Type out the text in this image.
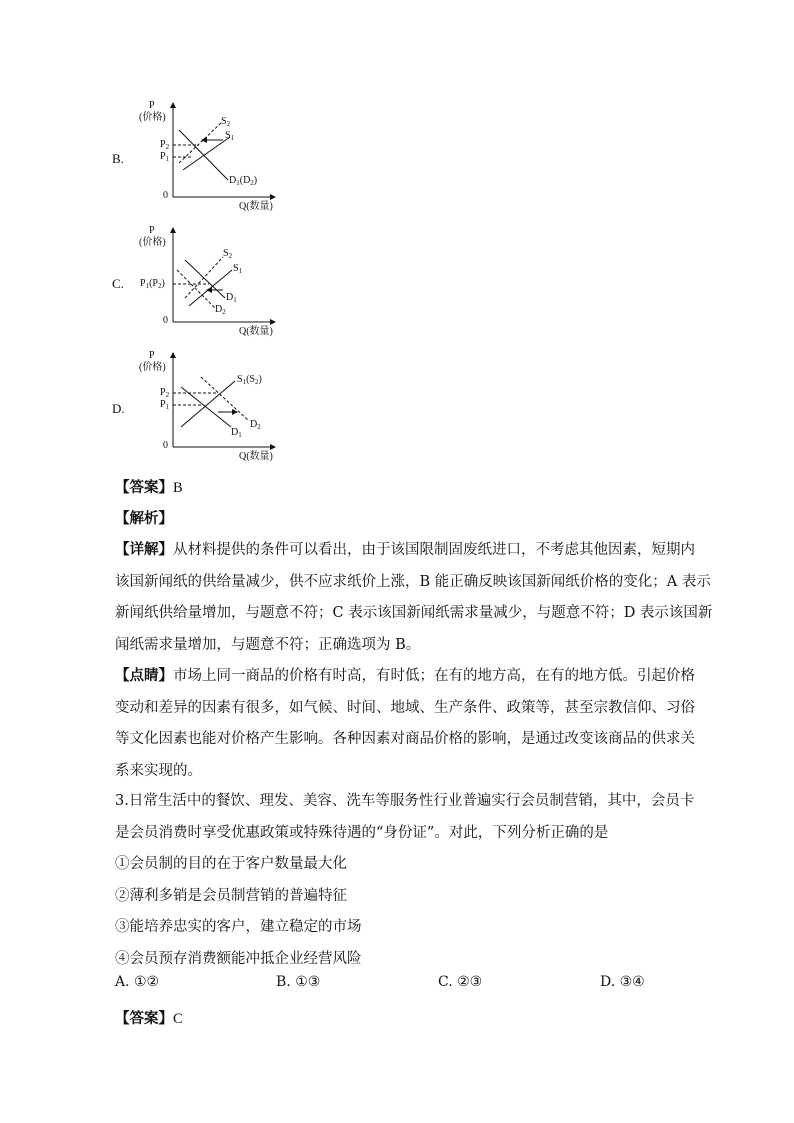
B.
P
(价格)
0
Q(数量)
$P_2$
$P_1$
$S_2$
$S_1$
$D_1(D_2)$
C.
P
(价格)
0
Q(数量)
$P_1(P_2)$
$S_2$
$S_1$
$D_1$
$D_2$
D.
P
(价格)
0
Q(数量)
$P_2$
$P_1$
$S_1(S_2)$
$D_2$
$D_1$
【答案】B
【解析】
【详解】从材料提供的条件可以看出，由于该国限制固废纸进口，不考虑其他因素，短期内
该国新闻纸的供给量减少，供不应求纸价上涨，B 能正确反映该国新闻纸价格的变化；A 表示
新闻纸供给量增加，与题意不符；C 表示该国新闻纸需求量减少，与题意不符；D 表示该国新
闻纸需求量增加，与题意不符；正确选项为 B。
【点睛】市场上同一商品的价格有时高，有时低；在有的地方高，在有的地方低。引起价格
变动和差异的因素有很多，如气候、时间、地域、生产条件、政策等，甚至宗教信仰、习俗
等文化因素也能对价格产生影响。各种因素对商品价格的影响，是通过改变该商品的供求关
系来实现的。
3.日常生活中的餐饮、理发、美容、洗车等服务性行业普遍实行会员制营销，其中，会员卡
是会员消费时享受优惠政策或特殊待遇的“身份证”。对此，下列分析正确的是
①会员制的目的在于客户数量最大化
②薄利多销是会员制营销的普遍特征
③能培养忠实的客户，建立稳定的市场
④会员预存消费额能冲抵企业经营风险
A. ①②	B. ①③	C. ②③	D. ③④
【答案】C
